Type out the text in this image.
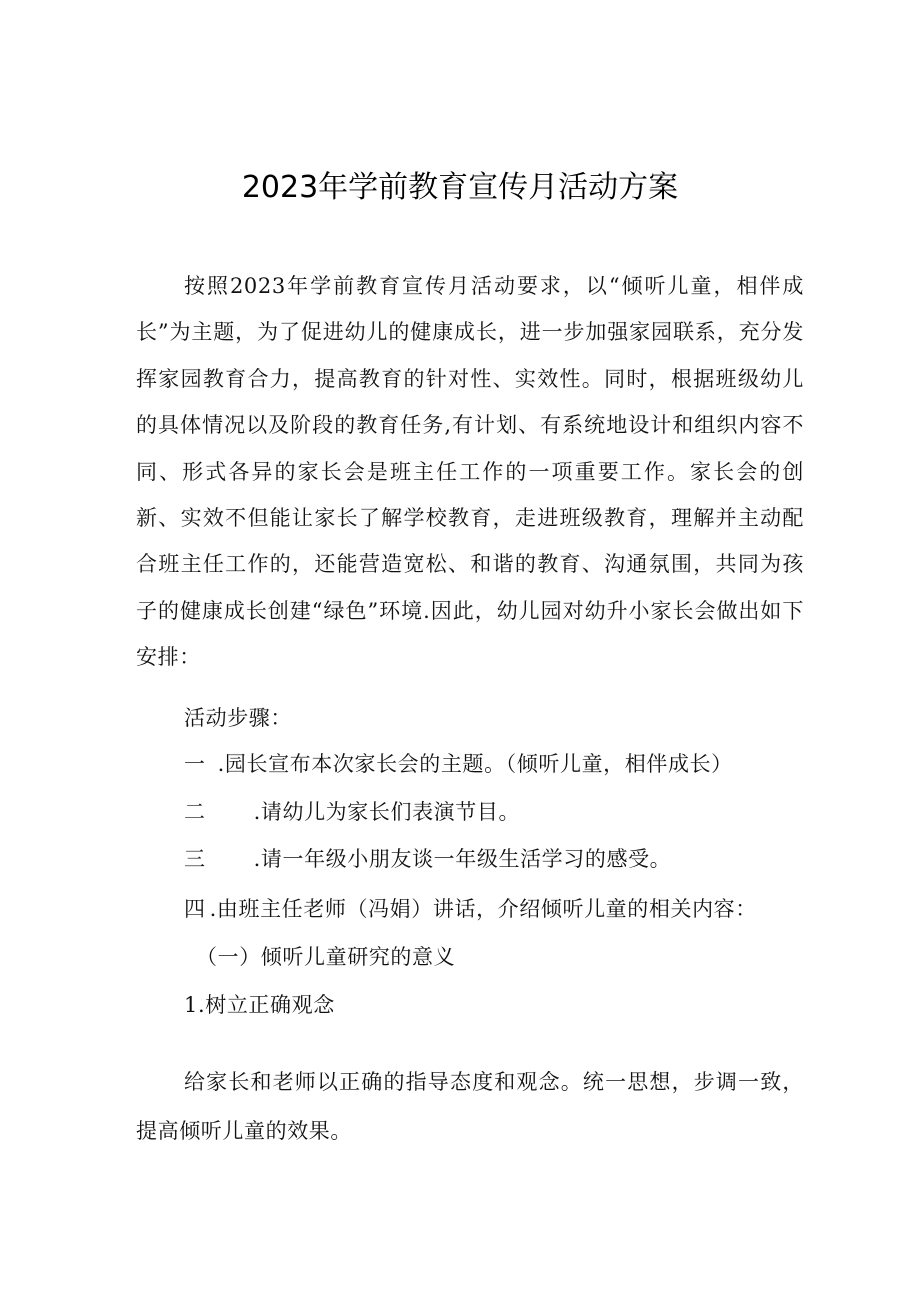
2023年学前教育宣传月活动方案

按照2023年学前教育宣传月活动要求，以“倾听儿童，相伴成长”为主题，为了促进幼儿的健康成长，进一步加强家园联系，充分发挥家园教育合力，提高教育的针对性、实效性。同时，根据班级幼儿的具体情况以及阶段的教育任务,有计划、有系统地设计和组织内容不同、形式各异的家长会是班主任工作的一项重要工作。家长会的创新、实效不但能让家长了解学校教育，走进班级教育，理解并主动配合班主任工作的，还能营造宽松、和谐的教育、沟通氛围，共同为孩子的健康成长创建“绿色”环境.因此，幼儿园对幼升小家长会做出如下安排：

活动步骤：
一 .园长宣布本次家长会的主题。（倾听儿童，相伴成长）
二 .请幼儿为家长们表演节目。
三 .请一年级小朋友谈一年级生活学习的感受。
四 .由班主任老师（冯娟）讲话，介绍倾听儿童的相关内容：
（一）倾听儿童研究的意义
1.树立正确观念

给家长和老师以正确的指导态度和观念。统一思想，步调一致，提高倾听儿童的效果。
